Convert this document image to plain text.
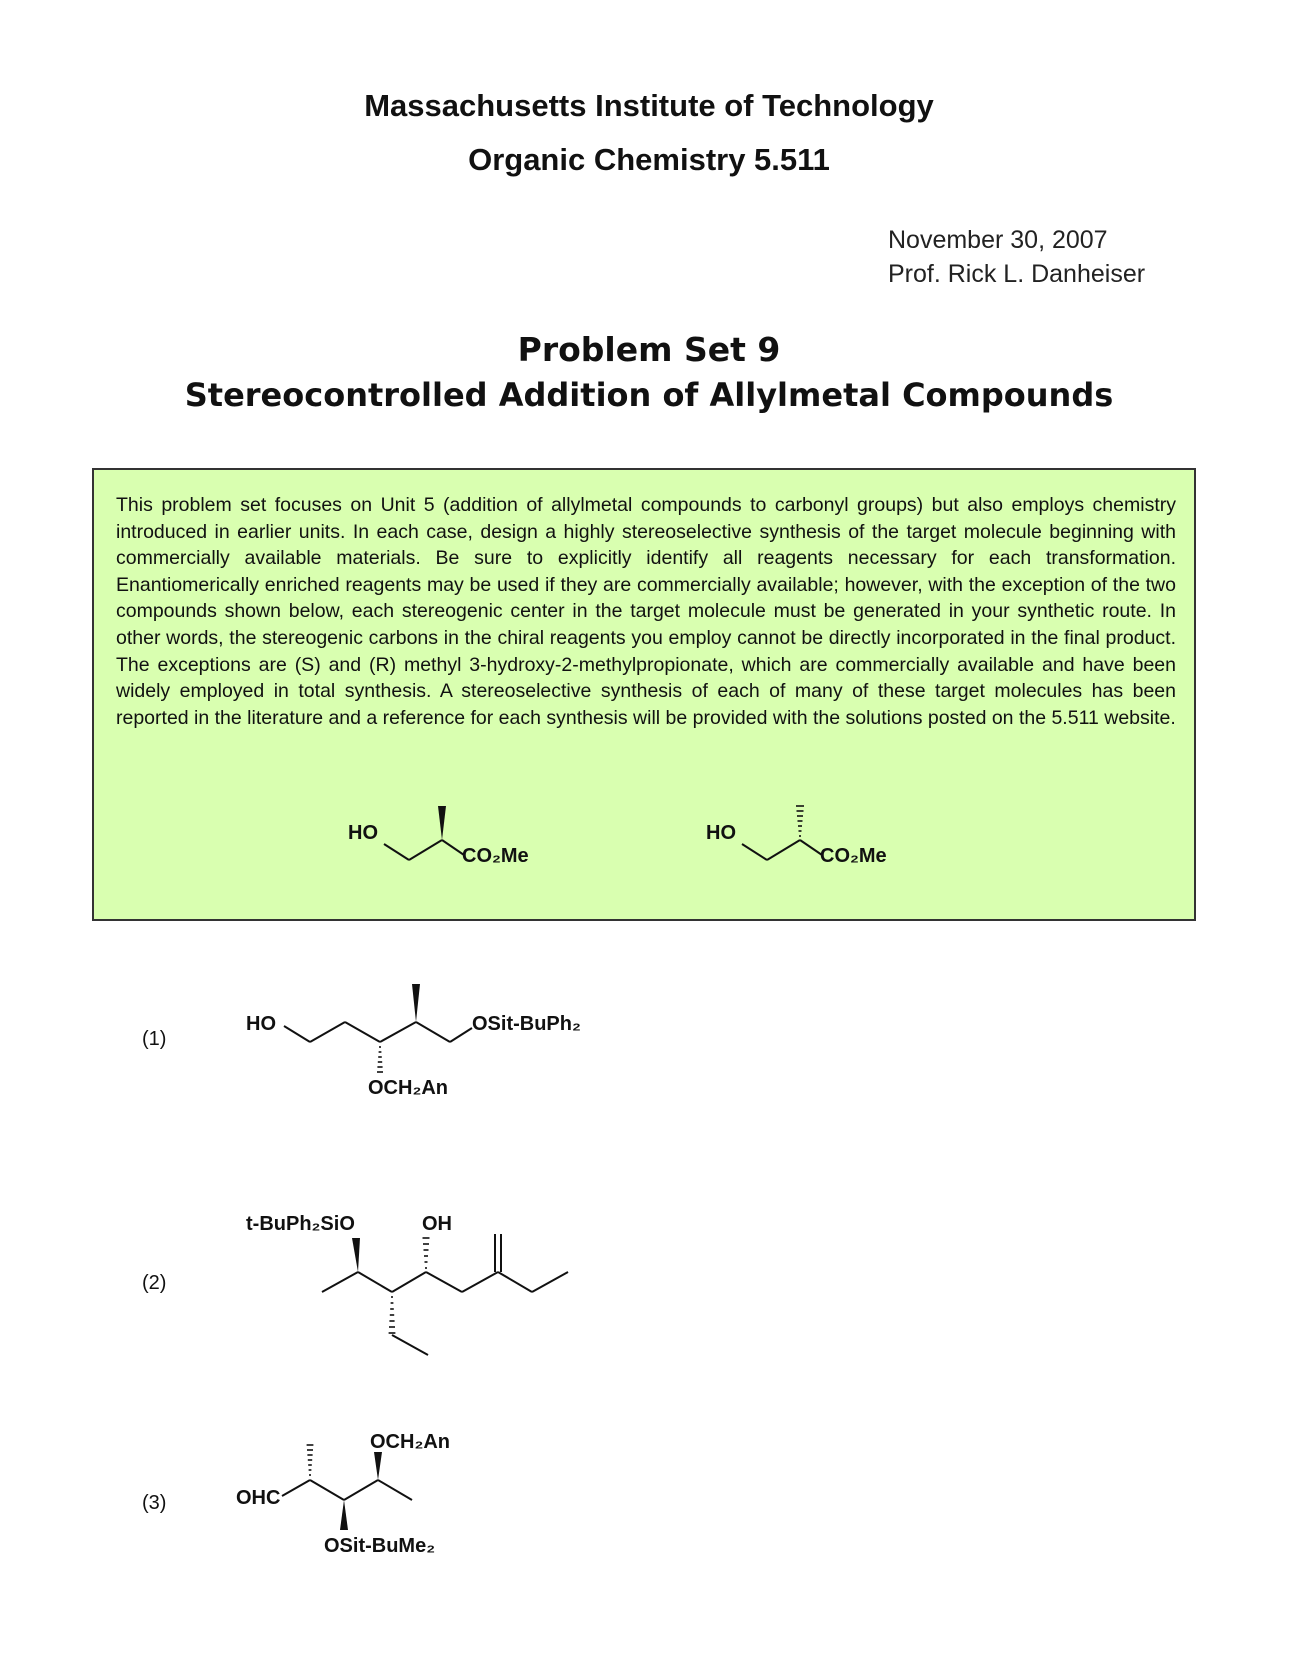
Massachusetts Institute of Technology
Organic Chemistry 5.511
November 30, 2007
Prof. Rick L. Danheiser
Problem Set 9
Stereocontrolled Addition of Allylmetal Compounds

This problem set focuses on Unit 5 (addition of allylmetal compounds to carbonyl groups) but also employs chemistry introduced in earlier units. In each case, design a highly stereoselective synthesis of the target molecule beginning with commercially available materials. Be sure to explicitly identify all reagents necessary for each transformation. Enantiomerically enriched reagents may be used if they are commercially available; however, with the exception of the two compounds shown below, each stereogenic center in the target molecule must be generated in your synthetic route. In other words, the stereogenic carbons in the chiral reagents you employ cannot be directly incorporated in the final product. The exceptions are (S) and (R) methyl 3-hydroxy-2-methylpropionate, which are commercially available and have been widely employed in total synthesis. A stereoselective synthesis of each of many of these target molecules has been reported in the literature and a reference for each synthesis will be provided with the solutions posted on the 5.511 website.

HO
CO₂Me
HO
CO₂Me
(1)
HO	OSit-BuPh₂
OCH₂An
(2)
t-BuPh₂SiO	OH
(3)	OHC
OCH₂An
OSit-BuMe₂
